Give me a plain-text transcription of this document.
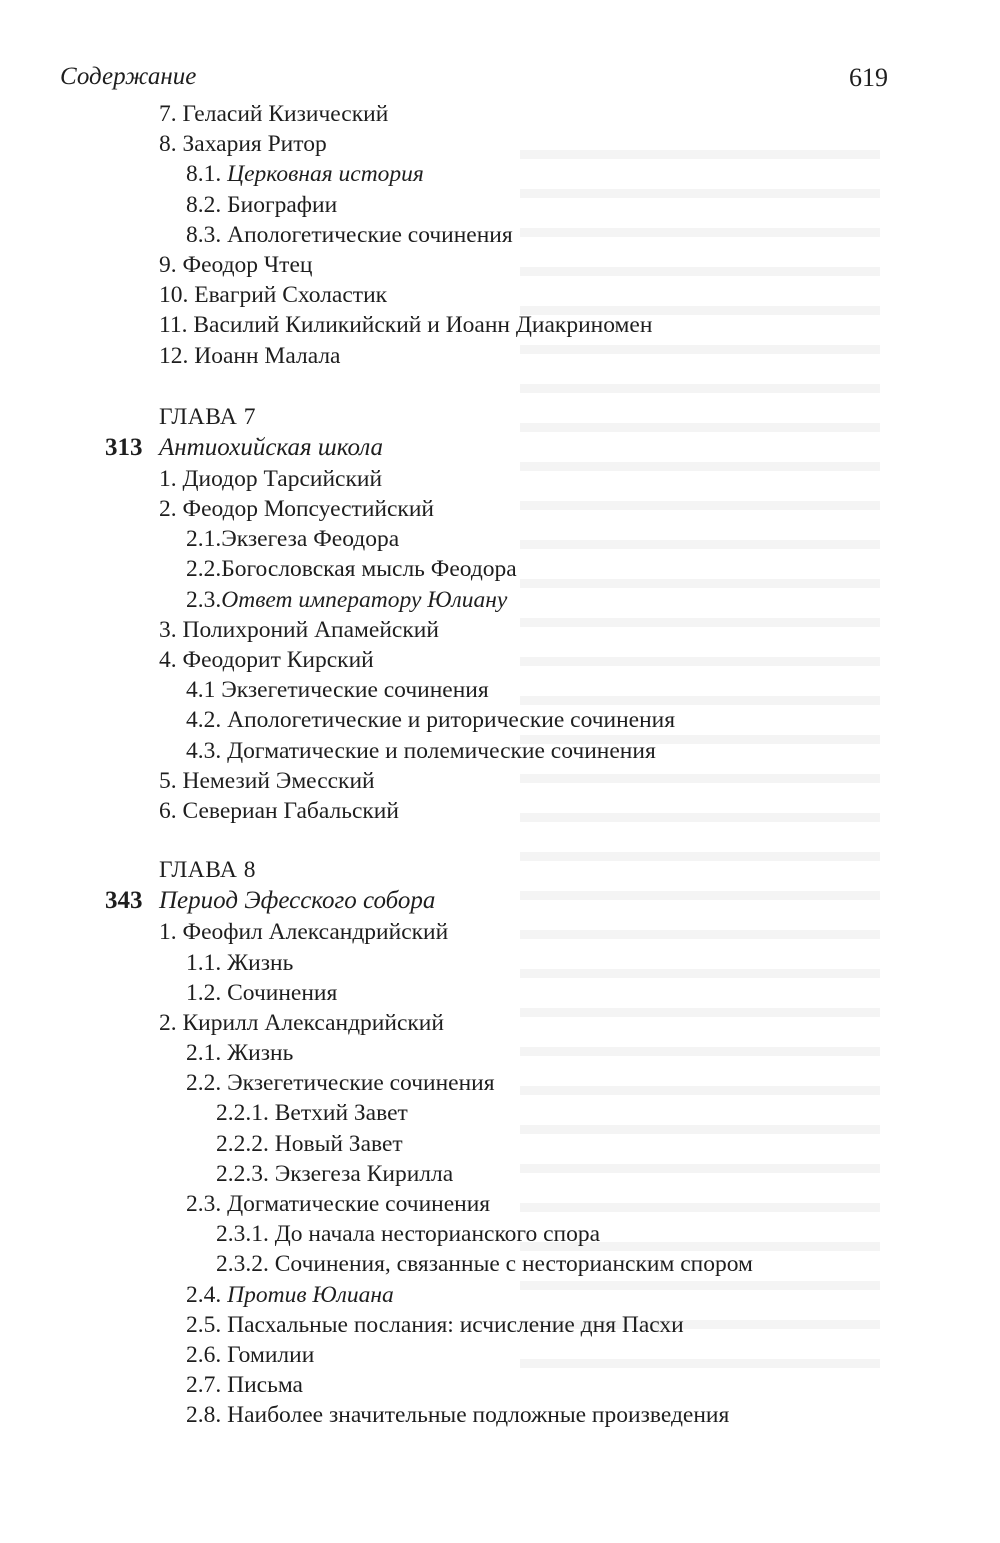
Содержание	619
7. Геласий Кизический
8. Захария Ритор
8.1. Церковная история
8.2. Биографии
8.3. Апологетические сочинения
9. Феодор Чтец
10. Евагрий Схоластик
11. Василий Киликийский и Иоанн Диакриномен
12. Иоанн Малала
ГЛАВА 7
313 Антиохийская школа
1. Диодор Тарсийский
2. Феодор Мопсуестийский
2.1.Экзегеза Феодора
2.2.Богословская мысль Феодора
2.3.Ответ императору Юлиану
3. Полихроний Апамейский
4. Феодорит Кирский
4.1 Экзегетические сочинения
4.2. Апологетические и риторические сочинения
4.3. Догматические и полемические сочинения
5. Немезий Эмесский
6. Севериан Габальский
ГЛАВА 8
343 Период Эфесского собора
1. Феофил Александрийский
1.1. Жизнь
1.2. Сочинения
2. Кирилл Александрийский
2.1. Жизнь
2.2. Экзегетические сочинения
2.2.1. Ветхий Завет
2.2.2. Новый Завет
2.2.3. Экзегеза Кирилла
2.3. Догматические сочинения
2.3.1. До начала несторианского спора
2.3.2. Сочинения, связанные с несторианским спором
2.4. Против Юлиана
2.5. Пасхальные послания: исчисление дня Пасхи
2.6. Гомилии
2.7. Письма
2.8. Наиболее значительные подложные произведения
